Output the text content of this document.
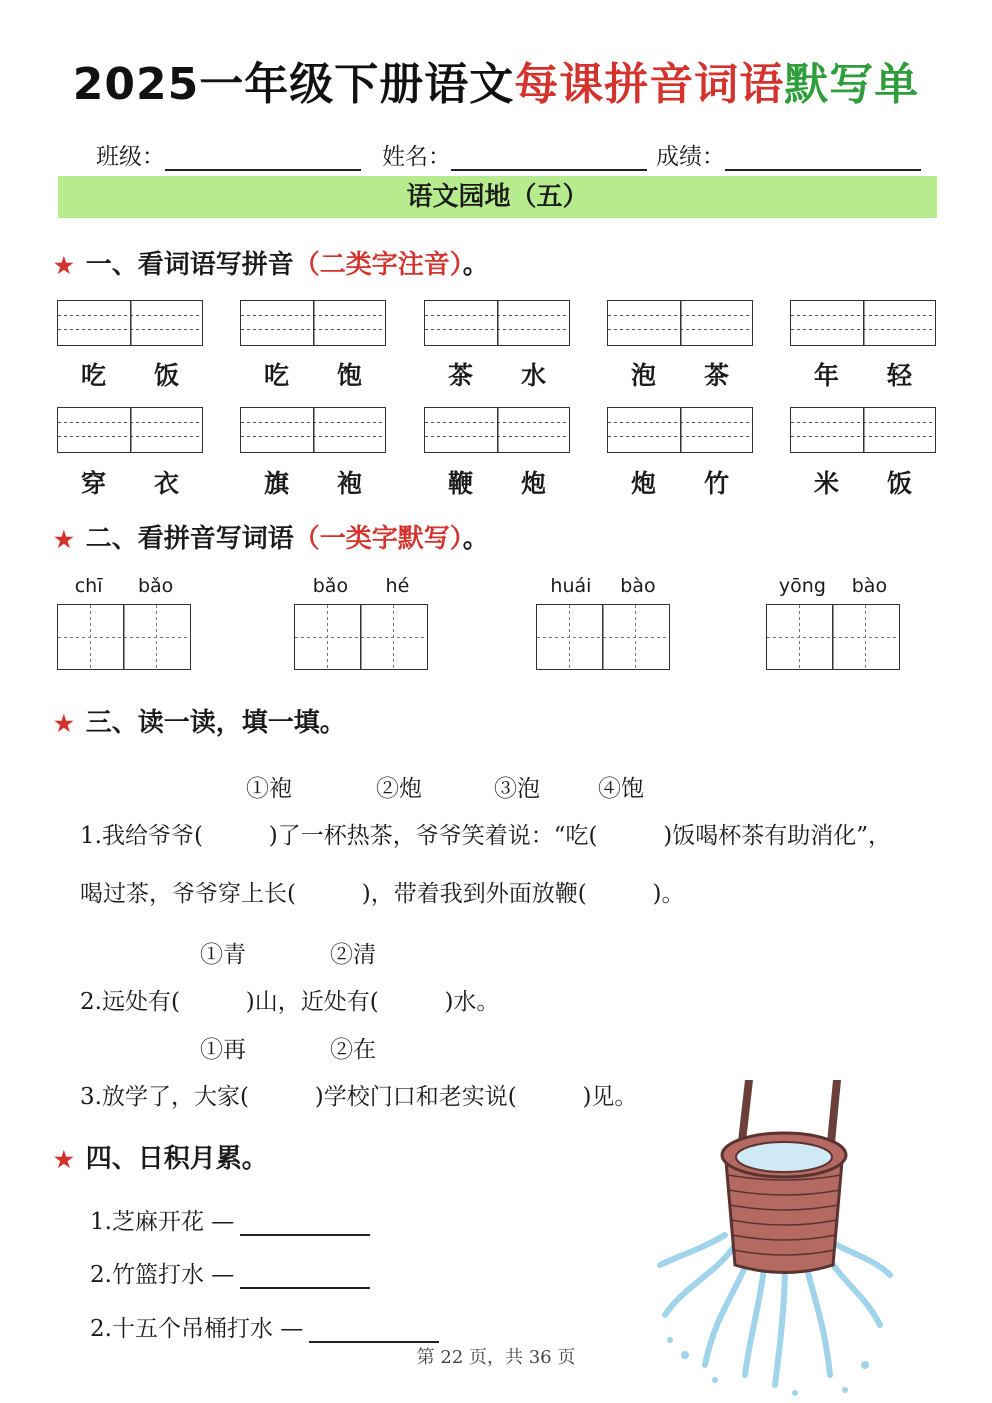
2025一年级下册语文每课拼音词语默写单
班级：	姓名：	成绩：
语文园地（五）
★ 一、看词语写拼音（二类字注音）。
吃 饭	吃 饱	茶 水	泡 茶	年 轻
穿 衣	旗 袍	鞭 炮	炮 竹	米 饭
★ 二、看拼音写词语（一类字默写）。
chī bǎo	bǎo hé	huái bào	yōng bào
★ 三、读一读，填一填。
①袍	②炮	③泡	④饱
1.我给爷爷(         )了一杯热茶，爷爷笑着说：“吃(         )饭喝杯茶有助消化”，
喝过茶，爷爷穿上长(         )，带着我到外面放鞭(         )。
①青	②清
2.远处有(         )山，近处有(         )水。
①再	②在
3.放学了，大家(         )学校门口和老实说(         )见。
★ 四、日积月累。
1.芝麻开花 —
2.竹篮打水 —
2.十五个吊桶打水 —
第 22 页，共 36 页
